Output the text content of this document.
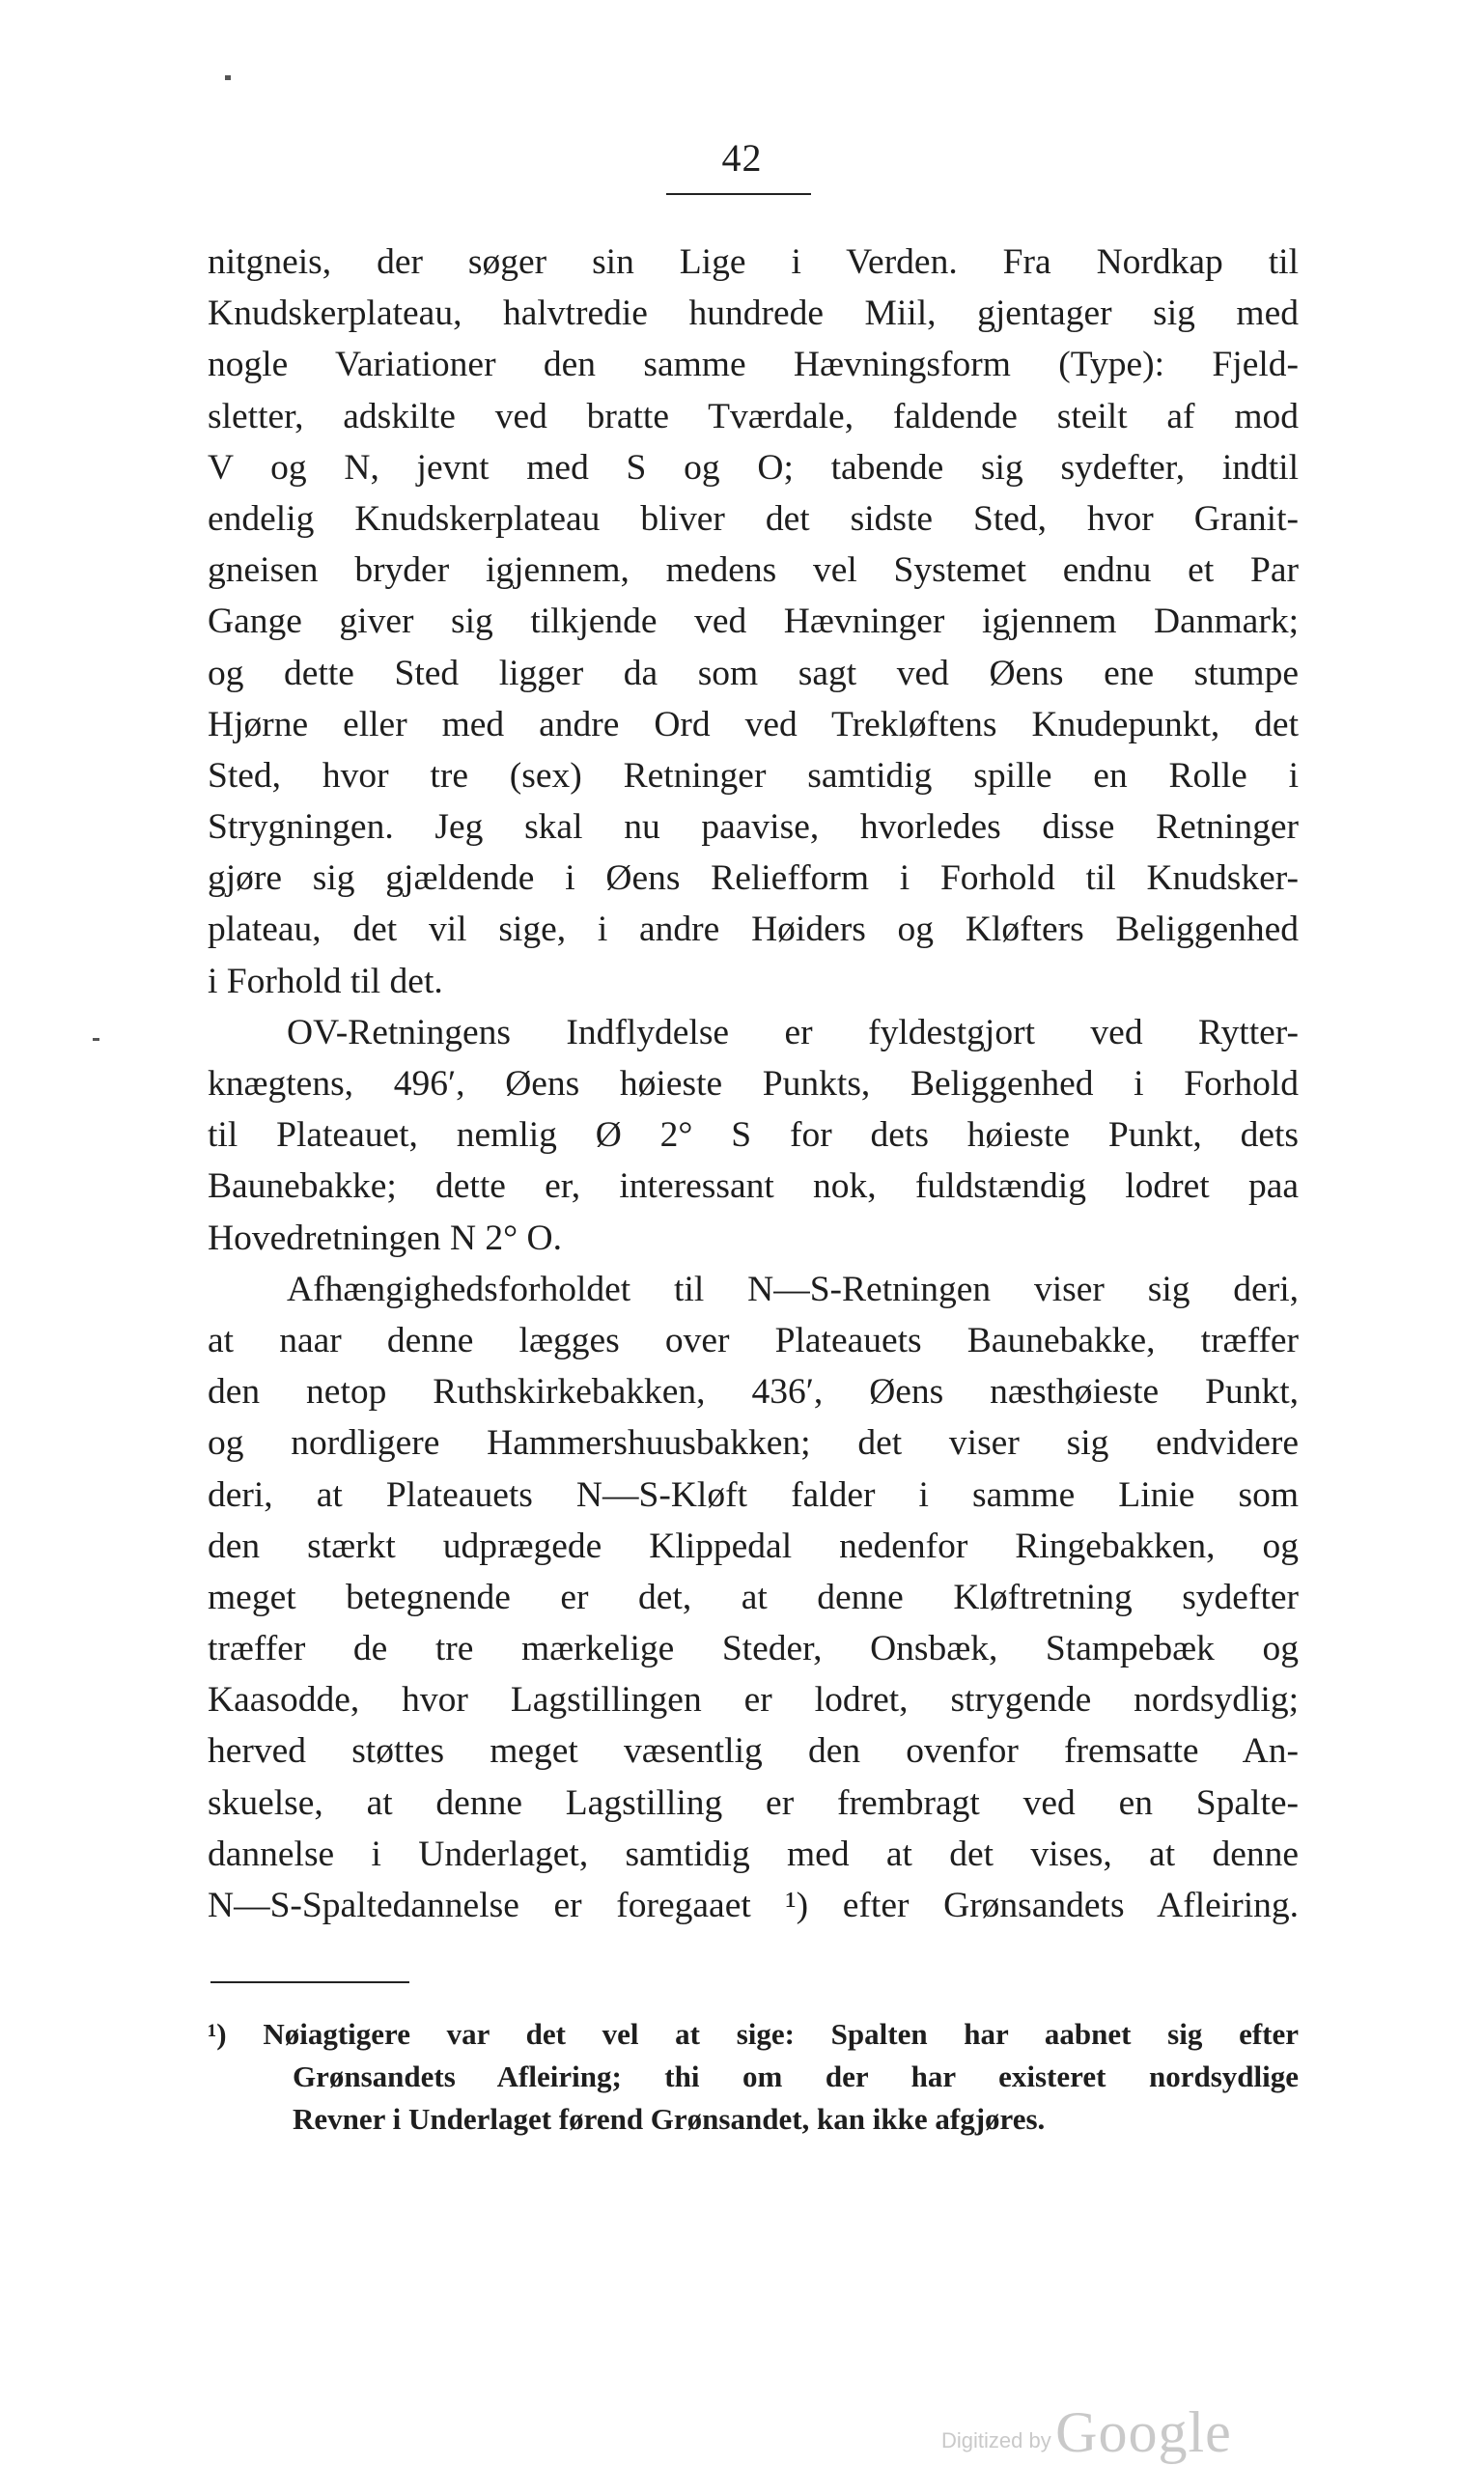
42
nitgneis, der søger sin Lige i Verden. Fra Nordkap til
Knudskerplateau, halvtredie hundrede Miil, gjentager sig med
nogle Variationer den samme Hævningsform (Type): Fjeld-
sletter, adskilte ved bratte Tværdale, faldende steilt af mod
V og N, jevnt med S og O; tabende sig sydefter, indtil
endelig Knudskerplateau bliver det sidste Sted, hvor Granit-
gneisen bryder igjennem, medens vel Systemet endnu et Par
Gange giver sig tilkjende ved Hævninger igjennem Danmark;
og dette Sted ligger da som sagt ved Øens ene stumpe
Hjørne eller med andre Ord ved Trekløftens Knudepunkt, det
Sted, hvor tre (sex) Retninger samtidig spille en Rolle i
Strygningen. Jeg skal nu paavise, hvorledes disse Retninger
gjøre sig gjældende i Øens Reliefform i Forhold til Knudsker-
plateau, det vil sige, i andre Høiders og Kløfters Beliggenhed
i Forhold til det.
OV-Retningens Indflydelse er fyldestgjort ved Rytter-
knægtens, 496′, Øens høieste Punkts, Beliggenhed i Forhold
til Plateauet, nemlig Ø 2° S for dets høieste Punkt, dets
Baunebakke; dette er, interessant nok, fuldstændig lodret paa
Hovedretningen N 2° O.
Afhængighedsforholdet til N—S-Retningen viser sig deri,
at naar denne lægges over Plateauets Baunebakke, træffer
den netop Ruthskirkebakken, 436′, Øens næsthøieste Punkt,
og nordligere Hammershuusbakken; det viser sig endvidere
deri, at Plateauets N—S-Kløft falder i samme Linie som
den stærkt udprægede Klippedal nedenfor Ringebakken, og
meget betegnende er det, at denne Kløftretning sydefter
træffer de tre mærkelige Steder, Onsbæk, Stampebæk og
Kaasodde, hvor Lagstillingen er lodret, strygende nordsydlig;
herved støttes meget væsentlig den ovenfor fremsatte An-
skuelse, at denne Lagstilling er frembragt ved en Spalte-
dannelse i Underlaget, samtidig med at det vises, at denne
N—S-Spaltedannelse er foregaaet ¹) efter Grønsandets Afleiring.
¹) Nøiagtigere var det vel at sige: Spalten har aabnet sig efter
Grønsandets Afleiring; thi om der har existeret nordsydlige
Revner i Underlaget førend Grønsandet, kan ikke afgjøres.
Digitized by Google
